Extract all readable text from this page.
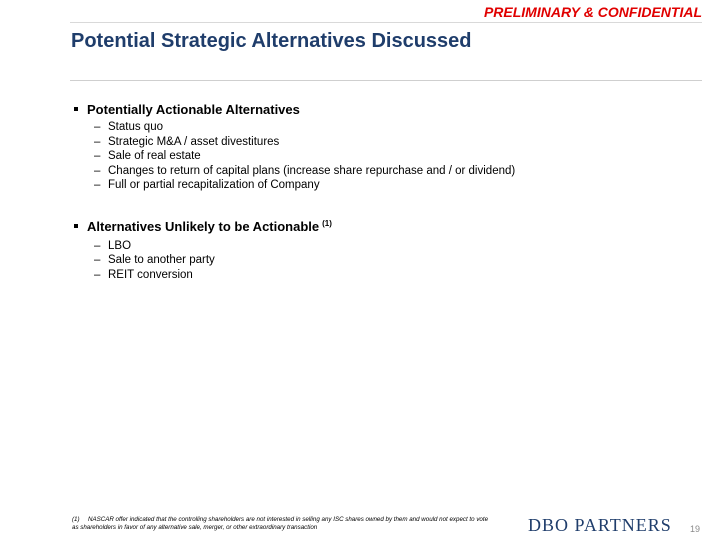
PRELIMINARY & CONFIDENTIAL
Potential Strategic Alternatives Discussed
Potentially Actionable Alternatives
– Status quo
– Strategic M&A / asset divestitures
– Sale of real estate
– Changes to return of capital plans (increase share repurchase and / or dividend)
– Full or partial recapitalization of Company
Alternatives Unlikely to be Actionable (1)
– LBO
– Sale to another party
– REIT conversion
(1) NASCAR offer indicated that the controlling shareholders are not interested in selling any ISC shares owned by them and would not expect to vote as shareholders in favor of any alternative sale, merger, or other extraordinary transaction	DBO PARTNERS 19
